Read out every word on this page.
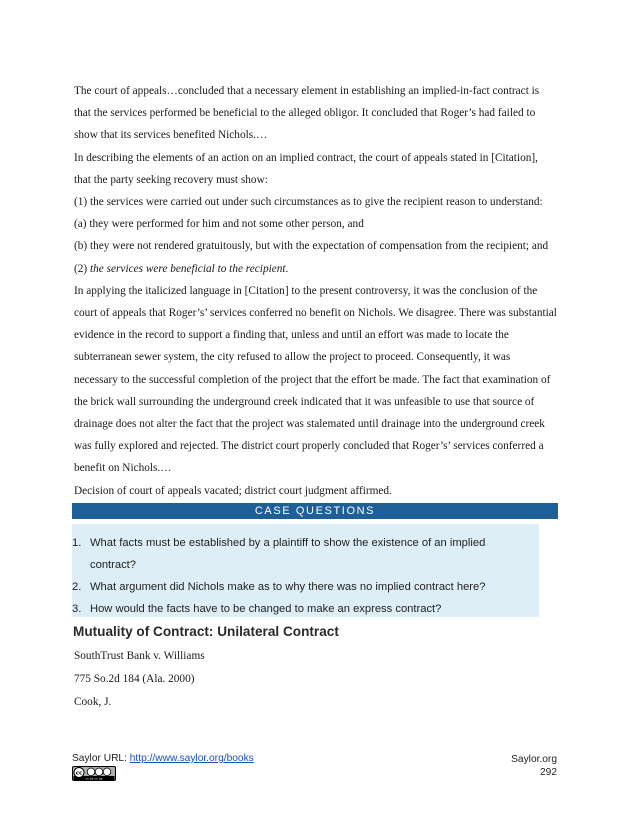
The court of appeals…concluded that a necessary element in establishing an implied-in-fact contract is

that the services performed be beneficial to the alleged obligor. It concluded that Roger’s had failed to

show that its services benefited Nichols.…

In describing the elements of an action on an implied contract, the court of appeals stated in [Citation],

that the party seeking recovery must show:

(1) the services were carried out under such circumstances as to give the recipient reason to understand:

(a) they were performed for him and not some other person, and

(b) they were not rendered gratuitously, but with the expectation of compensation from the recipient; and

(2) the services were beneficial to the recipient.

In applying the italicized language in [Citation] to the present controversy, it was the conclusion of the

court of appeals that Roger’s’ services conferred no benefit on Nichols. We disagree. There was substantial

evidence in the record to support a finding that, unless and until an effort was made to locate the

subterranean sewer system, the city refused to allow the project to proceed. Consequently, it was

necessary to the successful completion of the project that the effort be made. The fact that examination of

the brick wall surrounding the underground creek indicated that it was unfeasible to use that source of

drainage does not alter the fact that the project was stalemated until drainage into the underground creek

was fully explored and rejected. The district court properly concluded that Roger’s’ services conferred a

benefit on Nichols.…

Decision of court of appeals vacated; district court judgment affirmed.

CASE QUESTIONS
1. What facts must be established by a plaintiff to show the existence of an implied
contract?
2. What argument did Nichols make as to why there was no implied contract here?
3. How would the facts have to be changed to make an express contract?
Mutuality of Contract: Unilateral Contract
SouthTrust Bank v. Williams
775 So.2d 184 (Ala. 2000)
Cook, J.
Saylor URL: http://www.saylor.org/books
cc
cc by nc sa
Saylor.org
292
